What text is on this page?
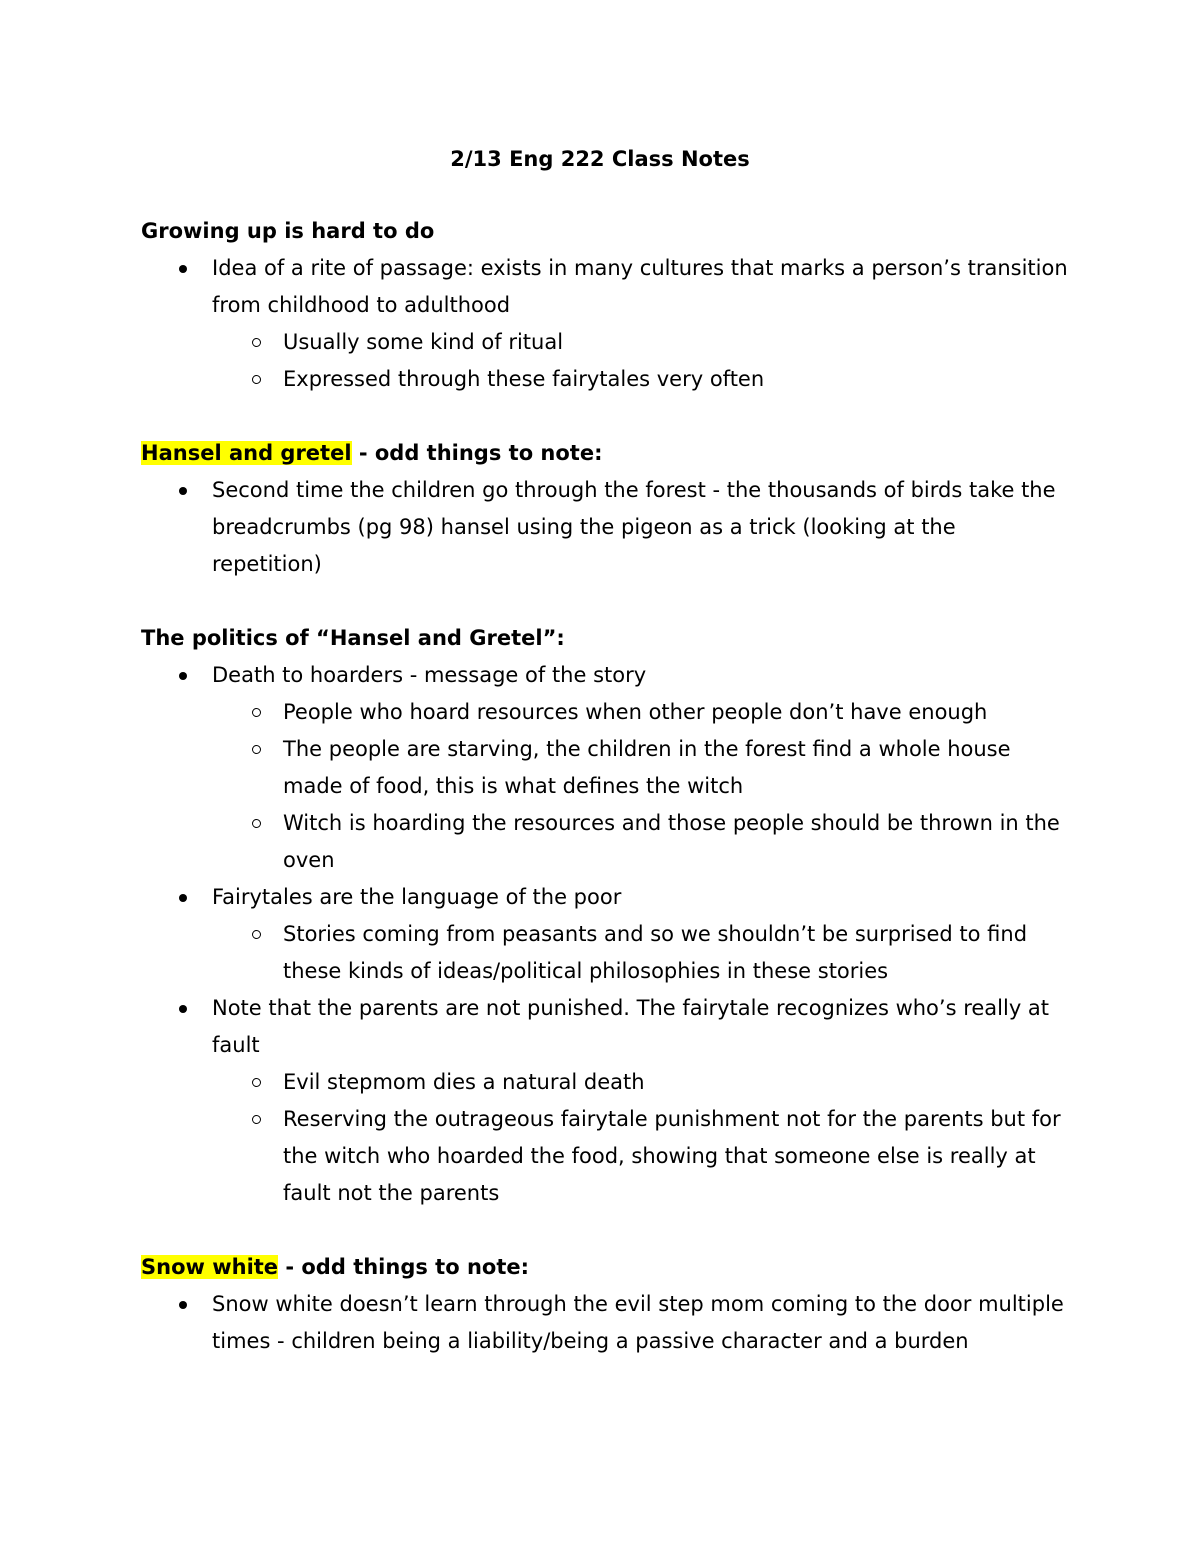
2/13 Eng 222 Class Notes
Growing up is hard to do
Idea of a rite of passage: exists in many cultures that marks a person’s transition from childhood to adulthood
Usually some kind of ritual
Expressed through these fairytales very often
Hansel and gretel - odd things to note:
Second time the children go through the forest - the thousands of birds take the breadcrumbs (pg 98) hansel using the pigeon as a trick (looking at the repetition)
The politics of “Hansel and Gretel”:
Death to hoarders - message of the story
People who hoard resources when other people don’t have enough
The people are starving, the children in the forest find a whole house made of food, this is what defines the witch
Witch is hoarding the resources and those people should be thrown in the oven
Fairytales are the language of the poor
Stories coming from peasants and so we shouldn’t be surprised to find these kinds of ideas/political philosophies in these stories
Note that the parents are not punished. The fairytale recognizes who’s really at fault
Evil stepmom dies a natural death
Reserving the outrageous fairytale punishment not for the parents but for the witch who hoarded the food, showing that someone else is really at fault not the parents
Snow white - odd things to note:
Snow white doesn’t learn through the evil step mom coming to the door multiple times - children being a liability/being a passive character and a burden
